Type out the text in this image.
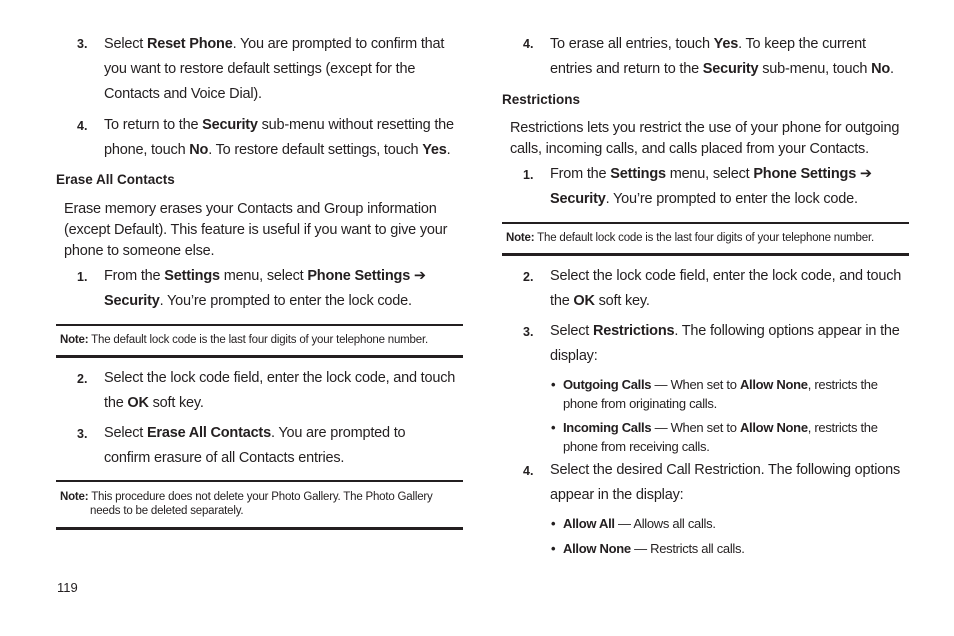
3. Select Reset Phone. You are prompted to confirm that you want to restore default settings (except for the Contacts and Voice Dial).
4. To return to the Security sub-menu without resetting the phone, touch No. To restore default settings, touch Yes.
Erase All Contacts
Erase memory erases your Contacts and Group information (except Default). This feature is useful if you want to give your phone to someone else.
1. From the Settings menu, select Phone Settings ➔ Security. You’re prompted to enter the lock code.
Note: The default lock code is the last four digits of your telephone number.
2. Select the lock code field, enter the lock code, and touch the OK soft key.
3. Select Erase All Contacts. You are prompted to confirm erasure of all Contacts entries.
Note: This procedure does not delete your Photo Gallery. The Photo Gallery needs to be deleted separately.
4. To erase all entries, touch Yes. To keep the current entries and return to the Security sub-menu, touch No.
Restrictions
Restrictions lets you restrict the use of your phone for outgoing calls, incoming calls, and calls placed from your Contacts.
1. From the Settings menu, select Phone Settings ➔ Security. You’re prompted to enter the lock code.
Note: The default lock code is the last four digits of your telephone number.
2. Select the lock code field, enter the lock code, and touch the OK soft key.
3. Select Restrictions. The following options appear in the display:
• Outgoing Calls — When set to Allow None, restricts the phone from originating calls.
• Incoming Calls — When set to Allow None, restricts the phone from receiving calls.
4. Select the desired Call Restriction. The following options appear in the display:
• Allow All — Allows all calls.
• Allow None — Restricts all calls.
119
